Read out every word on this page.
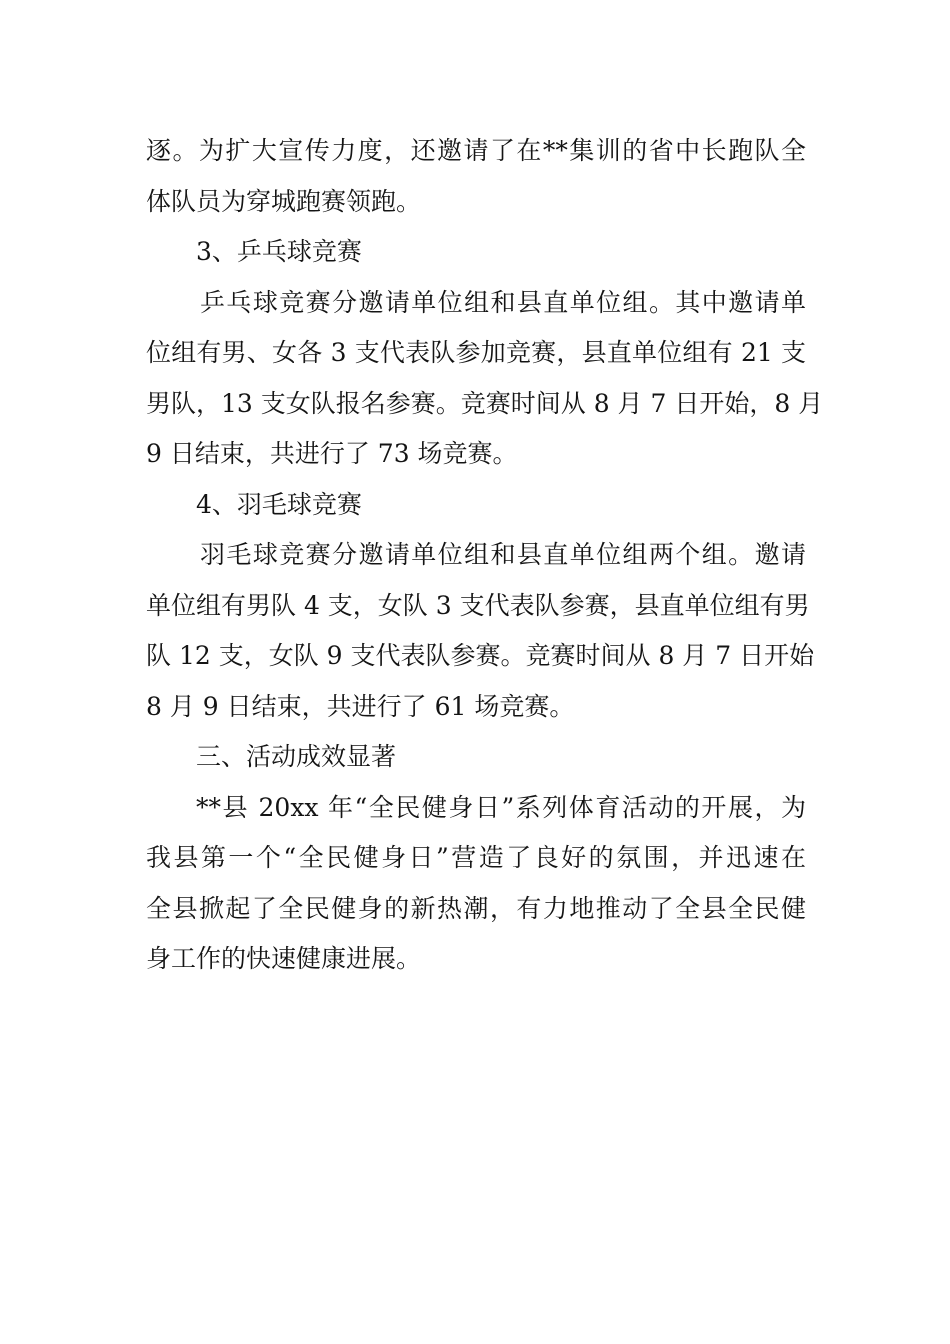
逐。为扩大宣传力度，还邀请了在**集训的省中长跑队全
体队员为穿城跑赛领跑。
3、乒乓球竞赛
乒乓球竞赛分邀请单位组和县直单位组。其中邀请单
位组有男、女各 3 支代表队参加竞赛，县直单位组有 21 支
男队，13 支女队报名参赛。竞赛时间从 8 月 7 日开始，8 月
9 日结束，共进行了 73 场竞赛。
4、羽毛球竞赛
羽毛球竞赛分邀请单位组和县直单位组两个组。邀请
单位组有男队 4 支，女队 3 支代表队参赛，县直单位组有男
队 12 支，女队 9 支代表队参赛。竞赛时间从 8 月 7 日开始
8 月 9 日结束，共进行了 61 场竞赛。
三、活动成效显著
**县 20xx 年“全民健身日”系列体育活动的开展，为
我县第一个“全民健身日”营造了良好的氛围，并迅速在
全县掀起了全民健身的新热潮，有力地推动了全县全民健
身工作的快速健康进展。
